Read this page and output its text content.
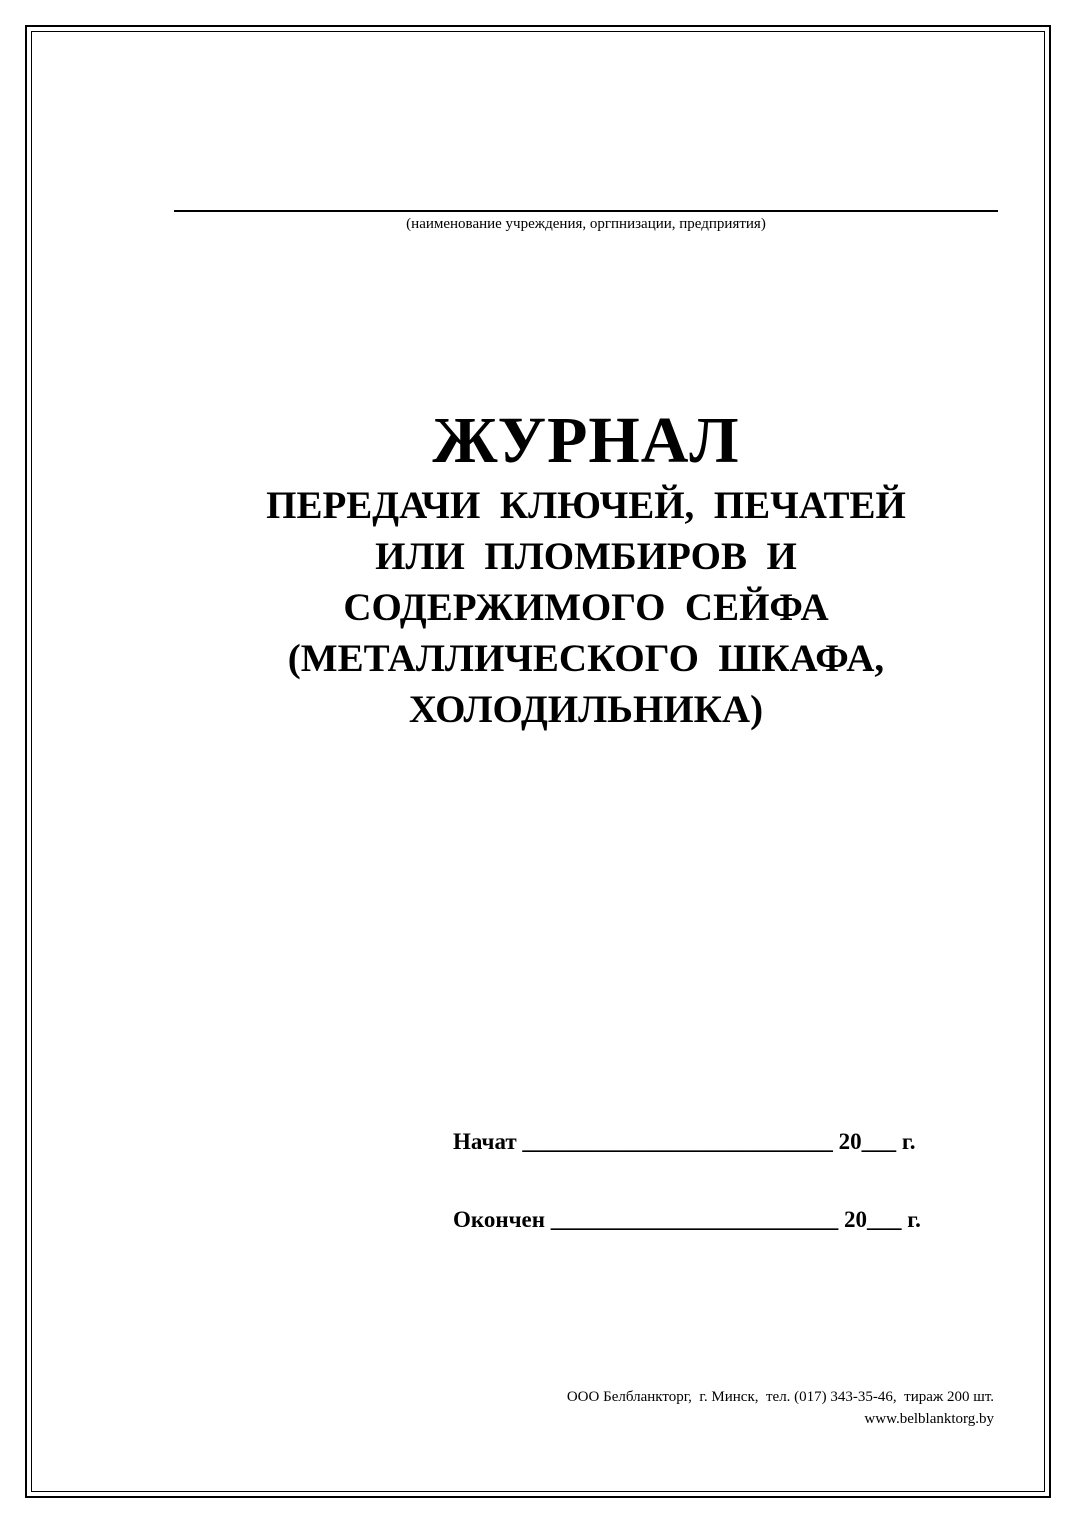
(наименование учреждения, оргпнизации, предприятия)
ЖУРНАЛ
ПЕРЕДАЧИ  КЛЮЧЕЙ,  ПЕЧАТЕЙ
ИЛИ  ПЛОМБИРОВ  И
СОДЕРЖИМОГО  СЕЙФА
(МЕТАЛЛИЧЕСКОГО  ШКАФА,
ХОЛОДИЛЬНИКА)
Начат ___________________________ 20___ г.
Окончен _________________________ 20___ г.
ООО Белбланкторг,  г. Минск,  тел. (017) 343-35-46,  тираж 200 шт.
www.belblanktorg.by
